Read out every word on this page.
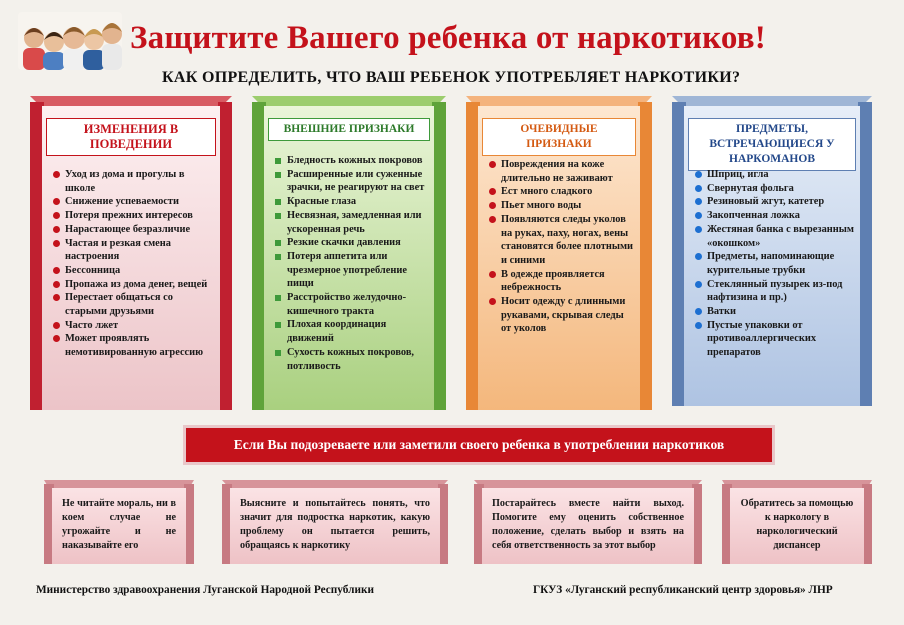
Защитите Вашего ребенка от наркотиков!
КАК ОПРЕДЕЛИТЬ, ЧТО ВАШ РЕБЕНОК УПОТРЕБЛЯЕТ НАРКОТИКИ?
ИЗМЕНЕНИЯ В ПОВЕДЕНИИ
Уход из дома и прогулы в школе
Снижение успеваемости
Потеря прежних интересов
Нарастающее безразличие
Частая и резкая смена настроения
Бессонница
Пропажа из дома денег, вещей
Перестает общаться со старыми друзьями
Часто лжет
Может проявлять немотивированную агрессию
ВНЕШНИЕ ПРИЗНАКИ
Бледность кожных покровов
Расширенные или суженные зрачки, не реагируют на свет
Красные глаза
Несвязная, замедленная или ускоренная речь
Резкие скачки давления
Потеря аппетита или чрезмерное употребление пищи
Расстройство желудочно-кишечного тракта
Плохая координация движений
Сухость кожных покровов, потливость
ОЧЕВИДНЫЕ ПРИЗНАКИ
Повреждения на коже длительно не заживают
Ест много сладкого
Пьет много воды
Появляются следы уколов на руках, паху, ногах, вены становятся более плотными и синими
В одежде проявляется небрежность
Носит одежду с длинными рукавами, скрывая следы от уколов
ПРЕДМЕТЫ, ВСТРЕЧАЮЩИЕСЯ У НАРКОМАНОВ
Шприц, игла
Свернутая фольга
Резиновый жгут, катетер
Закопченная ложка
Жестяная банка с вырезанным «окошком»
Предметы, напоминающие курительные трубки
Стеклянный пузырек из-под нафтизина и пр.)
Ватки
Пустые упаковки от противоаллергических препаратов
Если Вы подозреваете или заметили своего ребенка в употреблении наркотиков
Не читайте мораль, ни в коем случае не угрожайте и не наказывайте его
Выясните и попытайтесь понять, что значит для подростка наркотик, какую проблему он пытается решить, обращаясь к наркотику
Постарайтесь вместе найти выход. Помогите ему оценить собственное положение, сделать выбор и взять на себя ответственность за этот выбор
Обратитесь за помощью к наркологу в наркологический диспансер
Министерство здравоохранения Луганской Народной Республики	ГКУЗ «Луганский республиканский центр здоровья» ЛНР
